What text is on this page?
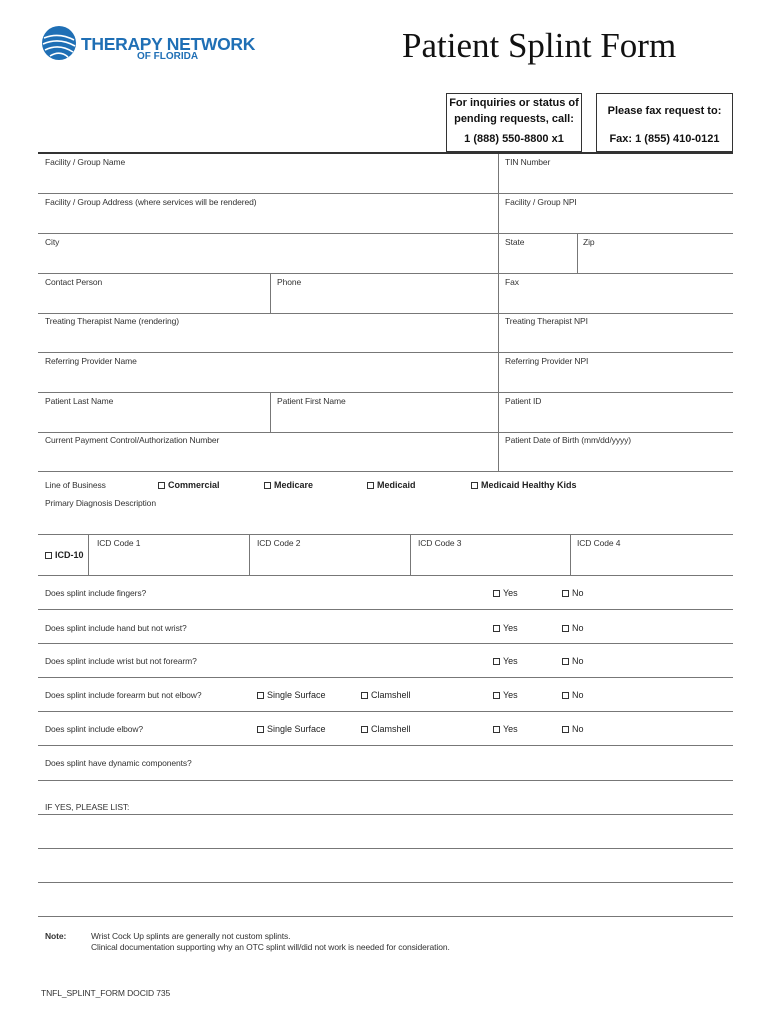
THERAPY NETWORK
OF FLORIDA	Patient Splint Form
For inquiries or status of
pending requests, call:
1 (888) 550-8800 x1
Please fax request to:
Fax: 1 (855) 410-0121
Facility / Group Name	TIN Number
Facility / Group Address (where services will be rendered)	Facility / Group NPI
City	State	Zip
Contact Person	Phone	Fax
Treating Therapist Name (rendering)	Treating Therapist NPI
Referring Provider Name	Referring Provider NPI
Patient Last Name	Patient First Name	Patient ID
Current Payment Control/Authorization Number	Patient Date of Birth (mm/dd/yyyy)
Line of Business	Commercial	Medicare	Medicaid	Medicaid Healthy Kids
Primary Diagnosis Description
ICD-10
ICD Code 1	ICD Code 2	ICD Code 3	ICD Code 4
Does splint include fingers?	Yes	No
Does splint include hand but not wrist?	Yes	No
Does splint include wrist but not forearm?	Yes	No
Does splint include forearm but not elbow?	Single Surface	Clamshell	Yes	No
Does splint include elbow?	Single Surface	Clamshell	Yes	No
Does splint have dynamic components?
IF YES, PLEASE LIST:
Note:	Wrist Cock Up splints are generally not custom splints.
Clinical documentation supporting why an OTC splint will/did not work is needed for consideration.
TNFL_SPLINT_FORM DOCID 735
